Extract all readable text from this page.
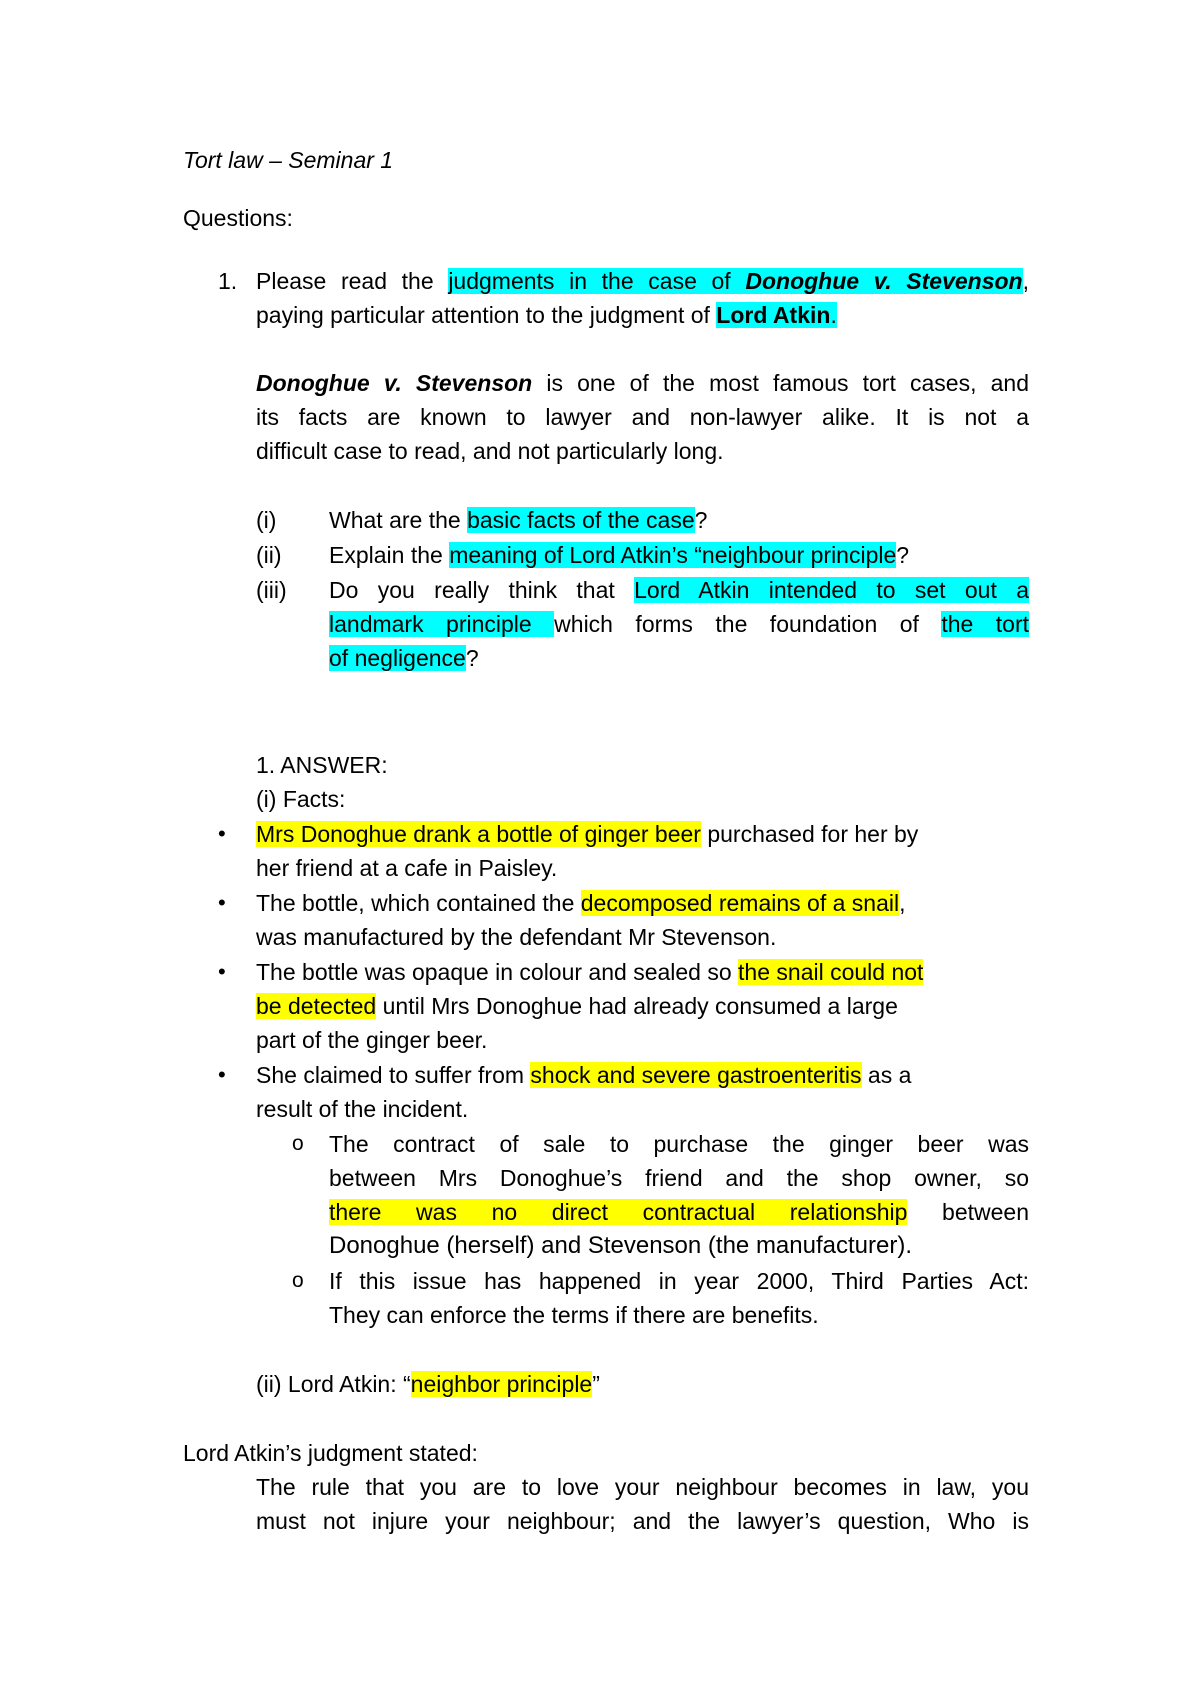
Tort law – Seminar 1
Questions:
1. Please read the judgments in the case of Donoghue v. Stevenson,
paying particular attention to the judgment of Lord Atkin.
Donoghue v. Stevenson is one of the most famous tort cases, and
its facts are known to lawyer and non-lawyer alike. It is not a
difficult case to read, and not particularly long.
(i) What are the basic facts of the case?
(ii) Explain the meaning of Lord Atkin’s “neighbour principle?
(iii) Do you really think that Lord Atkin intended to set out a
landmark principle which forms the foundation of the tort
of negligence?
1. ANSWER:
(i) Facts:
• Mrs Donoghue drank a bottle of ginger beer purchased for her by
her friend at a cafe in Paisley.
• The bottle, which contained the decomposed remains of a snail,
was manufactured by the defendant Mr Stevenson.
• The bottle was opaque in colour and sealed so the snail could not
be detected until Mrs Donoghue had already consumed a large
part of the ginger beer.
• She claimed to suffer from shock and severe gastroenteritis as a
result of the incident.
o The contract of sale to purchase the ginger beer was
between Mrs Donoghue’s friend and the shop owner, so
there was no direct contractual relationship between
Donoghue (herself) and Stevenson (the manufacturer).
o If this issue has happened in year 2000, Third Parties Act:
They can enforce the terms if there are benefits.
(ii) Lord Atkin: “neighbor principle”
Lord Atkin’s judgment stated:
The rule that you are to love your neighbour becomes in law, you
must not injure your neighbour; and the lawyer’s question, Who is
